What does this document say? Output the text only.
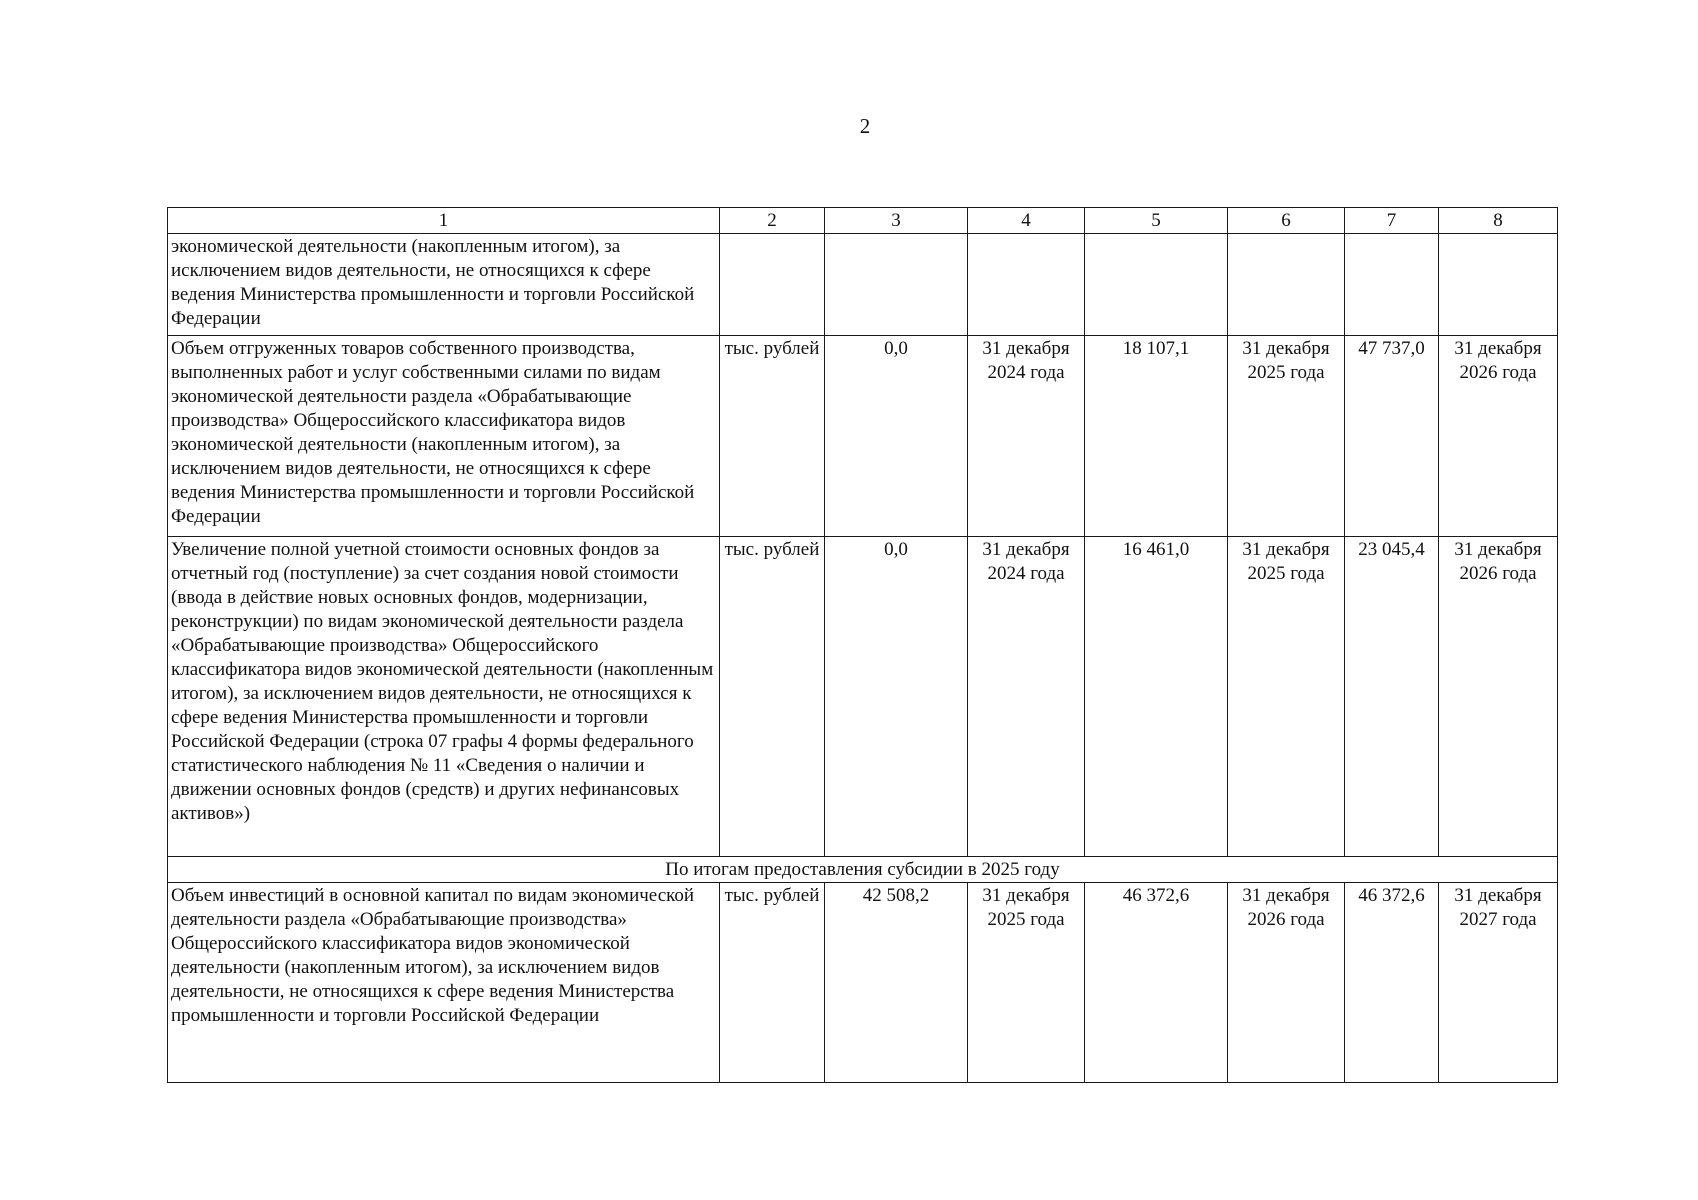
2
1	2	3	4	5	6	7	8
экономической деятельности (накопленным итогом), за исключением видов деятельности, не относящихся к сфере ведения Министерства промышленности и торговли Российской Федерации							
Объем отгруженных товаров собственного производства, выполненных работ и услуг собственными силами по видам экономической деятельности раздела «Обрабатывающие производства» Общероссийского классификатора видов экономической деятельности (накопленным итогом), за исключением видов деятельности, не относящихся к сфере ведения Министерства промышленности и торговли Российской Федерации	тыс. рублей	0,0	31 декабря 2024 года	18 107,1	31 декабря 2025 года	47 737,0	31 декабря 2026 года
Увеличение полной учетной стоимости основных фондов за отчетный год (поступление) за счет создания новой стоимости (ввода в действие новых основных фондов, модернизации, реконструкции) по видам экономической деятельности раздела «Обрабатывающие производства» Общероссийского классификатора видов экономической деятельности (накопленным итогом), за исключением видов деятельности, не относящихся к сфере ведения Министерства промышленности и торговли Российской Федерации (строка 07 графы 4 формы федерального статистического наблюдения № 11 «Сведения о наличии и движении основных фондов (средств) и других нефинансовых активов»)	тыс. рублей	0,0	31 декабря 2024 года	16 461,0	31 декабря 2025 года	23 045,4	31 декабря 2026 года
По итогам предоставления субсидии в 2025 году							
Объем инвестиций в основной капитал по видам экономической деятельности раздела «Обрабатывающие производства» Общероссийского классификатора видов экономической деятельности (накопленным итогом), за исключением видов деятельности, не относящихся к сфере ведения Министерства промышленности и торговли Российской Федерации	тыс. рублей	42 508,2	31 декабря 2025 года	46 372,6	31 декабря 2026 года	46 372,6	31 декабря 2027 года
